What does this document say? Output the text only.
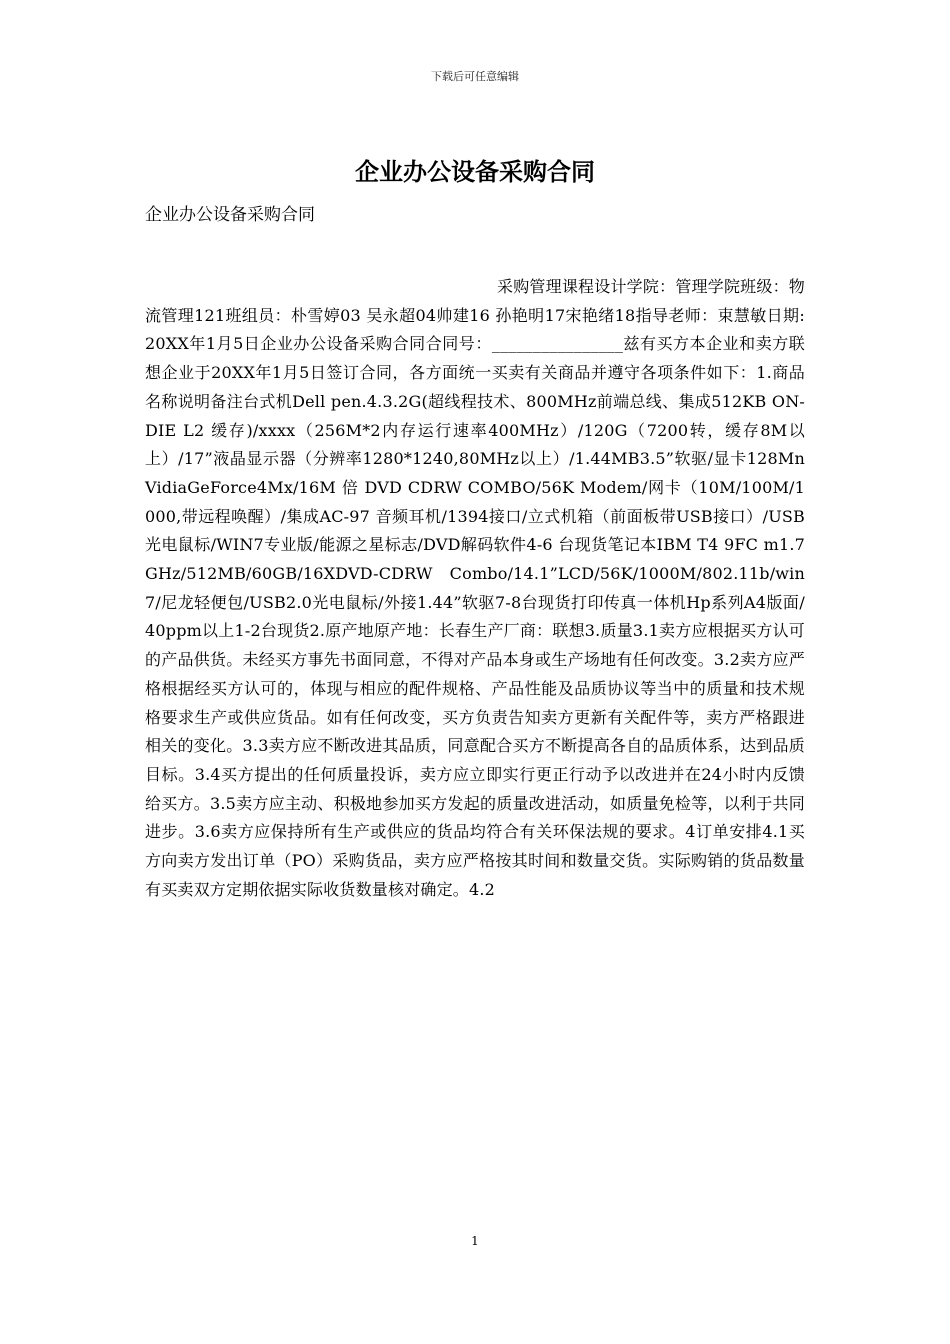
下载后可任意编辑
企业办公设备采购合同
企业办公设备采购合同
采购管理课程设计学院：管理学院班级：物流管理121班组员：朴雪婷03 吴永超04帅建16 孙艳明17宋艳绪18指导老师：束慧敏日期:20XX年1月5日企业办公设备采购合同合同号：________________兹有买方本企业和卖方联想企业于20XX年1月5日签订合同，各方面统一买卖有关商品并遵守各项条件如下：1.商品名称说明备注台式机Dell pen.4.3.2G(超线程技术、800MHz前端总线、集成512KB ON-DIE L2 缓存)/xxxx（256M*2内存运行速率400MHz）/120G（7200转，缓存8M以上）/17”液晶显示器（分辨率1280*1240,80MHz以上）/1.44MB3.5”软驱/显卡128MnVidiaGeForce4Mx/16M 倍 DVD CDRW COMBO/56K Modem/网卡（10M/100M/1000,带远程唤醒）/集成AC-97 音频耳机/1394接口/立式机箱（前面板带USB接口）/USB光电鼠标/WIN7专业版/能源之星标志/DVD解码软件4-6 台现货笔记本IBM T4 9FC m1.7GHz/512MB/60GB/16XDVD-CDRW Combo/14.1”LCD/56K/1000M/802.11b/win7/尼龙轻便包/USB2.0光电鼠标/外接1.44”软驱7-8台现货打印传真一体机Hp系列A4版面/40ppm以上1-2台现货2.原产地原产地：长春生产厂商：联想3.质量3.1卖方应根据买方认可的产品供货。未经买方事先书面同意，不得对产品本身或生产场地有任何改变。3.2卖方应严格根据经买方认可的，体现与相应的配件规格、产品性能及品质协议等当中的质量和技术规格要求生产或供应货品。如有任何改变，买方负责告知卖方更新有关配件等，卖方严格跟进相关的变化。3.3卖方应不断改进其品质，同意配合买方不断提高各自的品质体系，达到品质目标。3.4买方提出的任何质量投诉，卖方应立即实行更正行动予以改进并在24小时内反馈给买方。3.5卖方应主动、积极地参加买方发起的质量改进活动，如质量免检等，以利于共同进步。3.6卖方应保持所有生产或供应的货品均符合有关环保法规的要求。4订单安排4.1买方向卖方发出订单（PO）采购货品，卖方应严格按其时间和数量交货。实际购销的货品数量有买卖双方定期依据实际收货数量核对确定。4.2
1
